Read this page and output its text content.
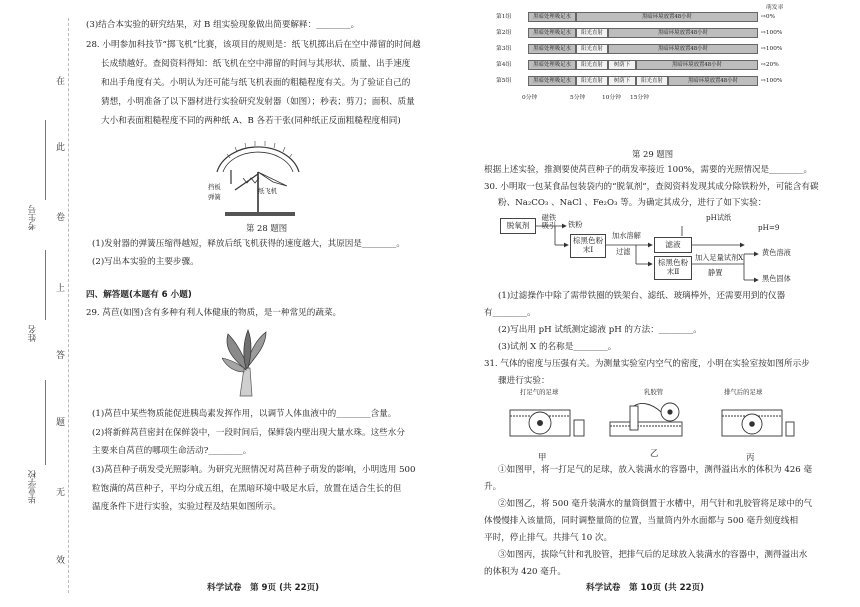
在
此
卷
上
答
题
无
效
考生号
姓名
毕业学校
(3)结合本实验的研究结果，对 B 组实验现象做出简要解释：________。
28. 小明参加科技节“掷飞机”比赛，该项目的规则是：纸飞机掷出后在空中滞留的时间越
长成绩越好。查阅资料得知：纸飞机在空中滞留的时间与其形状、质量、出手速度
和出手角度有关。小明认为还可能与纸飞机表面的粗糙程度有关。为了验证自己的
猜想，小明准备了以下器材进行实验研究发射器（如图）；秒表；剪刀；面积、质量
大小和表面粗糙程度不同的两种纸 A、B 各若干张(同种纸正反面粗糙程度相同)
挡板
弹簧
纸飞机
第 28 题图
(1)发射器的弹簧压缩得越短，释放后纸飞机获得的速度越大，其原因是________。
(2)写出本实验的主要步骤。
四、解答题(本题有 6 小题)
29. 莴苣(如图)含有多种有利人体健康的物质，是一种常见的蔬菜。
(1)莴苣中某些物质能促进胰岛素发挥作用，以调节人体血液中的________含量。
(2)将新鲜莴苣密封在保鲜袋中，一段时间后，保鲜袋内壁出现大量水珠。这些水分
主要来自莴苣的哪项生命活动?________。
(3)莴苣种子萌发受光照影响。为研究光照情况对莴苣种子萌发的影响，小明选用 500
粒饱满的莴苣种子，平均分成五组，在黑暗环境中吸足水后，放置在适合生长的但
温度条件下进行实验，实验过程及结果如图所示。
科学试卷　第 9页 (共 22页)
萌发率
第1组	黑暗处理吸足水	黑暗环境放置48小时	⇨0%
第2组	黑暗处理吸足水	阳光直射	黑暗环境放置48小时	⇨100%
第3组	黑暗处理吸足水	阳光直射	黑暗环境放置48小时	⇨100%
第4组	黑暗处理吸足水	阳光直射	树荫下	黑暗环境放置48小时	⇨20%
第5组	黑暗处理吸足水	阳光直射	树荫下	阳光直射	黑暗环境放置48小时	⇨100%
0分钟	5分钟	10分钟 15分钟
第 29 题图
根据上述实验，推测要使莴苣种子的萌发率接近 100%，需要的光照情况是________。
30. 小明取一包某食品包装袋内的“脱氧剂”，查阅资料发现其成分除铁粉外，可能含有碳
粉、Na₂CO₃ 、NaCl 、Fe₂O₃ 等。为确定其成分，进行了如下实验：
脱氧剂
磁铁吸引 铁粉
棕黑色粉末Ⅰ
加水溶解
过滤
滤液
pH试纸
pH=9
棕黑色粉末Ⅱ
加入足量试剂X
静置
黄色溶液
黑色固体
(1)过滤操作中除了需带铁圈的铁架台、滤纸、玻璃棒外，还需要用到的仪器
有________。
(2)写出用 pH 试纸测定滤液 pH 的方法：________。
(3)试剂 X 的名称是________。
31. 气体的密度与压强有关。为测量实验室内空气的密度，小明在实验室按如图所示步
骤进行实验：
打足气的足球	乳胶管	排气后的足球
甲	乙	丙
①如图甲，将一打足气的足球，放入装满水的容器中，测得溢出水的体积为 426 毫
升。
②如图乙，将 500 毫升装满水的量筒倒置于水槽中，用气针和乳胶管将足球中的气
体慢慢排入该量筒，同时调整量筒的位置，当量筒内外水面都与 500 毫升刻度线相
平时，停止排气。共排气 10 次。
③如图丙，拔除气针和乳胶管，把排气后的足球放入装满水的容器中，测得溢出水
的体积为 420 毫升。
科学试卷　第 10页 (共 22页)
